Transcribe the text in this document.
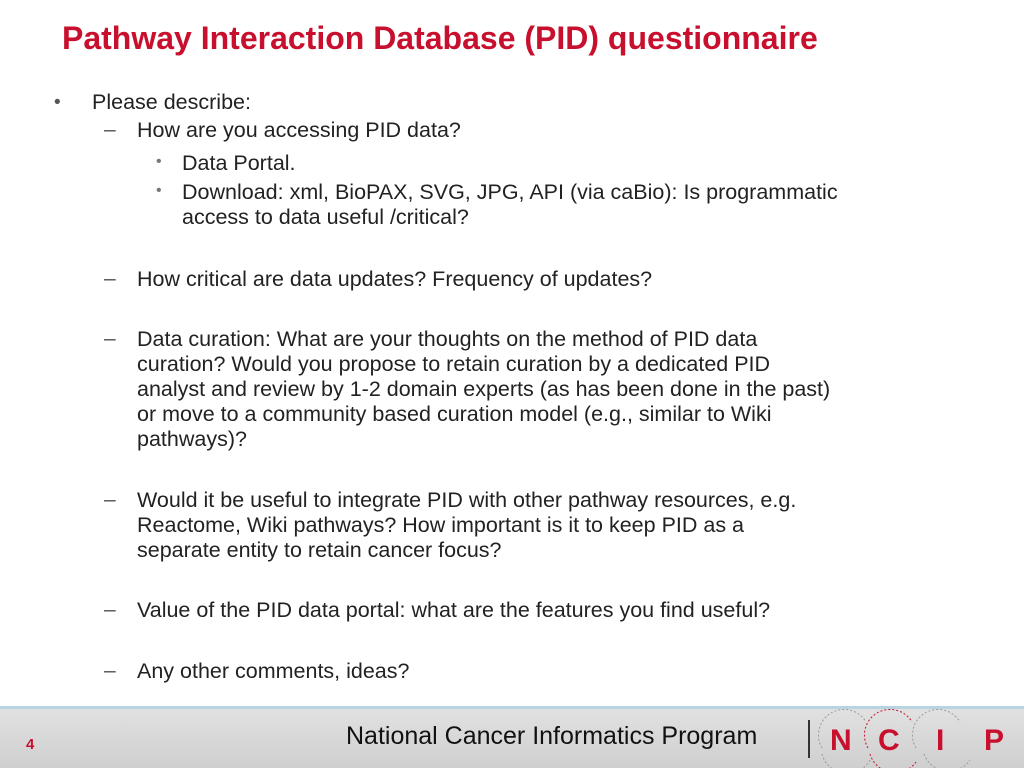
Pathway Interaction Database (PID) questionnaire
• Please describe:
– How are you accessing PID data?
• Data Portal.
• Download: xml, BioPAX, SVG, JPG, API (via caBio): Is programmatic
access to data useful /critical?
– How critical are data updates? Frequency of updates?
– Data curation: What are your thoughts on the method of PID data
curation? Would you propose to retain curation by a dedicated PID
analyst and review by 1-2 domain experts (as has been done in the past)
or move to a community based curation model (e.g., similar to Wiki
pathways)?
– Would it be useful to integrate PID with other pathway resources, e.g.
Reactome, Wiki pathways? How important is it to keep PID as a
separate entity to retain cancer focus?
– Value of the PID data portal: what are the features you find useful?
– Any other comments, ideas?
4	National Cancer Informatics Program N C I P
